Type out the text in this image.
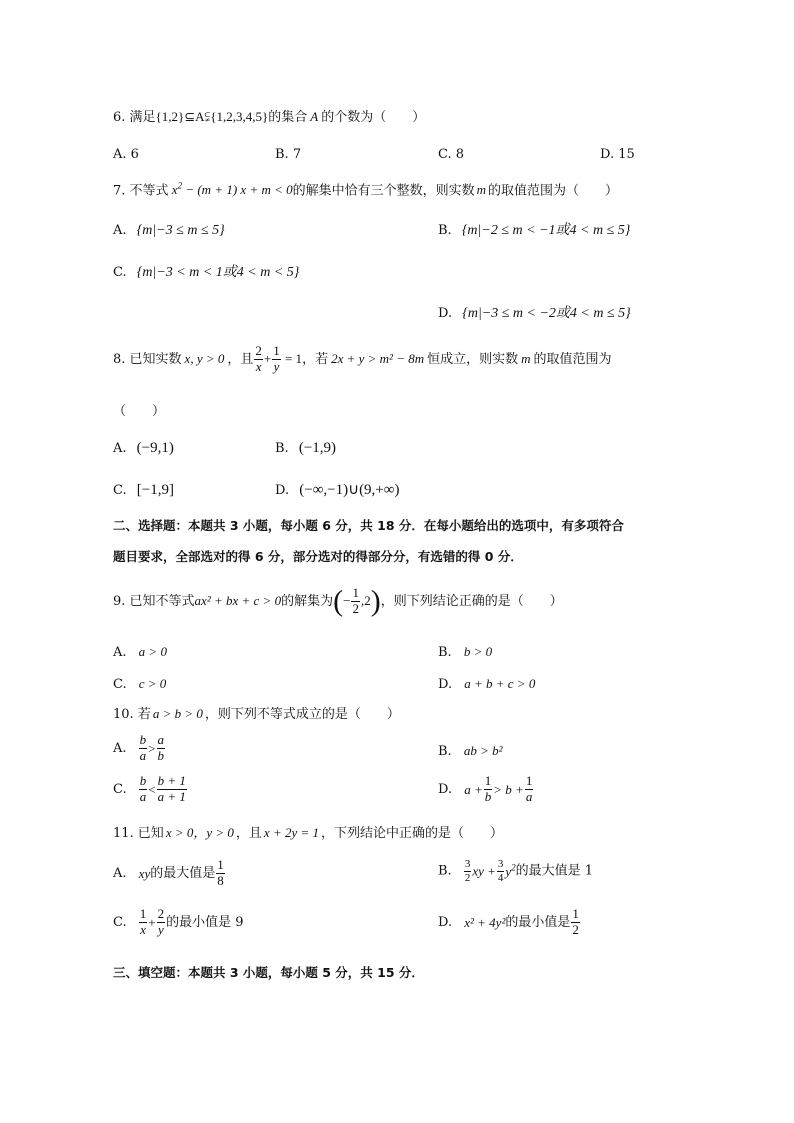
6. 满足{1,2}⊆A⫋{1,2,3,4,5}的集合 A 的个数为（　　）
A. 6	B. 7	C. 8	D. 15
7. 不等式 $x^2 - (m + 1) x + m < 0$的解集中恰有三个整数，则实数 m 的取值范围为（　　）
A. {m|−3 ≤ m ≤ 5}	B. {m|−2 ≤ m < −1或4 < m ≤ 5}
C. {m|−3 < m < 1或4 < m < 5}
D. {m|−3 ≤ m < −2或4 < m ≤ 5}
8. 已知实数 x, y > 0 ，且 $\frac{2}{x} + \frac{1}{y} = 1$，若 2x + y > m² − 8m 恒成立，则实数 m 的取值范围为
（　　）
A. (−9,1)	B. (−1,9)
C. [−1,9]	D. (−∞,−1)∪(9,+∞)
二、选择题：本题共 3 小题，每小题 6 分，共 18 分．在每小题给出的选项中，有多项符合
题目要求，全部选对的得 6 分，部分选对的得部分分，有选错的得 0 分．
9. 已知不等式ax² + bx + c > 0的解集为(− $\frac{1}{2} ,2$)，则下列结论正确的是（　　）
A. a > 0	B. b > 0
C. c > 0	D. a + b + c > 0
10. 若 a > b > 0 ，则下列不等式成立的是（　　）
A. $\frac{b}{a} > \frac{a}{b}$	B. ab > b²
C. $\frac{b}{a} < \frac{b + 1}{a + 1}$	D. $a + \frac{1}{b} > b + \frac{1}{a}$
11. 已知 x > 0，y > 0 ，且 x + 2y = 1 ，下列结论中正确的是（　　）
A. xy的最大值是 $\frac{1}{8}$	B. $\frac{3}{2}$ xy + $\frac{3}{4} y^2$的最大值是 1
C. $\frac{1}{x} + \frac{2}{y}$ 的最小值是 9	D. x² + 4y²的最小值是 $\frac{1}{2}$
三、填空题：本题共 3 小题，每小题 5 分，共 15 分．
